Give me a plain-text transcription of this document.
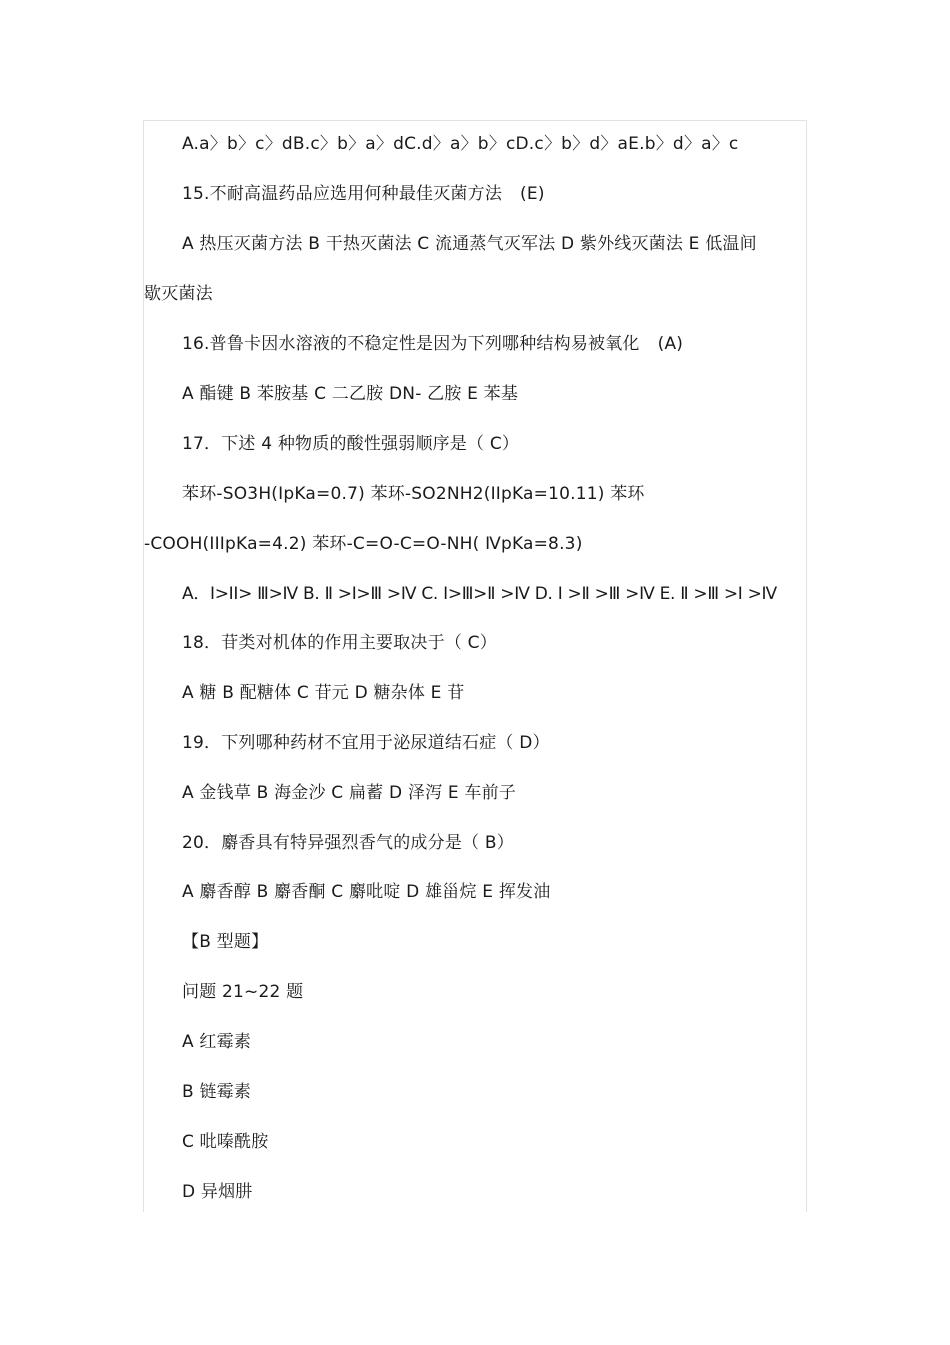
A.a〉b〉c〉dB.c〉b〉a〉dC.d〉a〉b〉cD.c〉b〉d〉aE.b〉d〉a〉c
15.不耐高温药品应选用何种最佳灭菌方法 (E)
A 热压灭菌方法 B 干热灭菌法 C 流通蒸气灭军法 D 紫外线灭菌法 E 低温间
歇灭菌法
16.普鲁卡因水溶液的不稳定性是因为下列哪种结构易被氧化 (A)
A 酯键 B 苯胺基 C 二乙胺 DN- 乙胺 E 苯基
17．下述 4 种物质的酸性强弱顺序是（ C）
苯环-SO3H(IpKa=0.7) 苯环-SO2NH2(IIpKa=10.11) 苯环
-COOH(IIIpKa=4.2) 苯环-C=O-C=O-NH( ⅣpKa=8.3)
A．I>II> Ⅲ>Ⅳ B. Ⅱ >Ⅰ>Ⅲ >Ⅳ C. Ⅰ>Ⅲ>Ⅱ >Ⅳ D. Ⅰ >Ⅱ >Ⅲ >Ⅳ E. Ⅱ >Ⅲ >Ⅰ >Ⅳ
18．苷类对机体的作用主要取决于（ C）
A 糖 B 配糖体 C 苷元 D 糖杂体 E 苷
19．下列哪种药材不宜用于泌尿道结石症（ D）
A 金钱草 B 海金沙 C 扁蓄 D 泽泻 E 车前子
20．麝香具有特异强烈香气的成分是（ B）
A 麝香醇 B 麝香酮 C 麝吡啶 D 雄甾烷 E 挥发油
【B 型题】
问题 21~22 题
A 红霉素
B 链霉素
C 吡嗪酰胺
D 异烟肼
